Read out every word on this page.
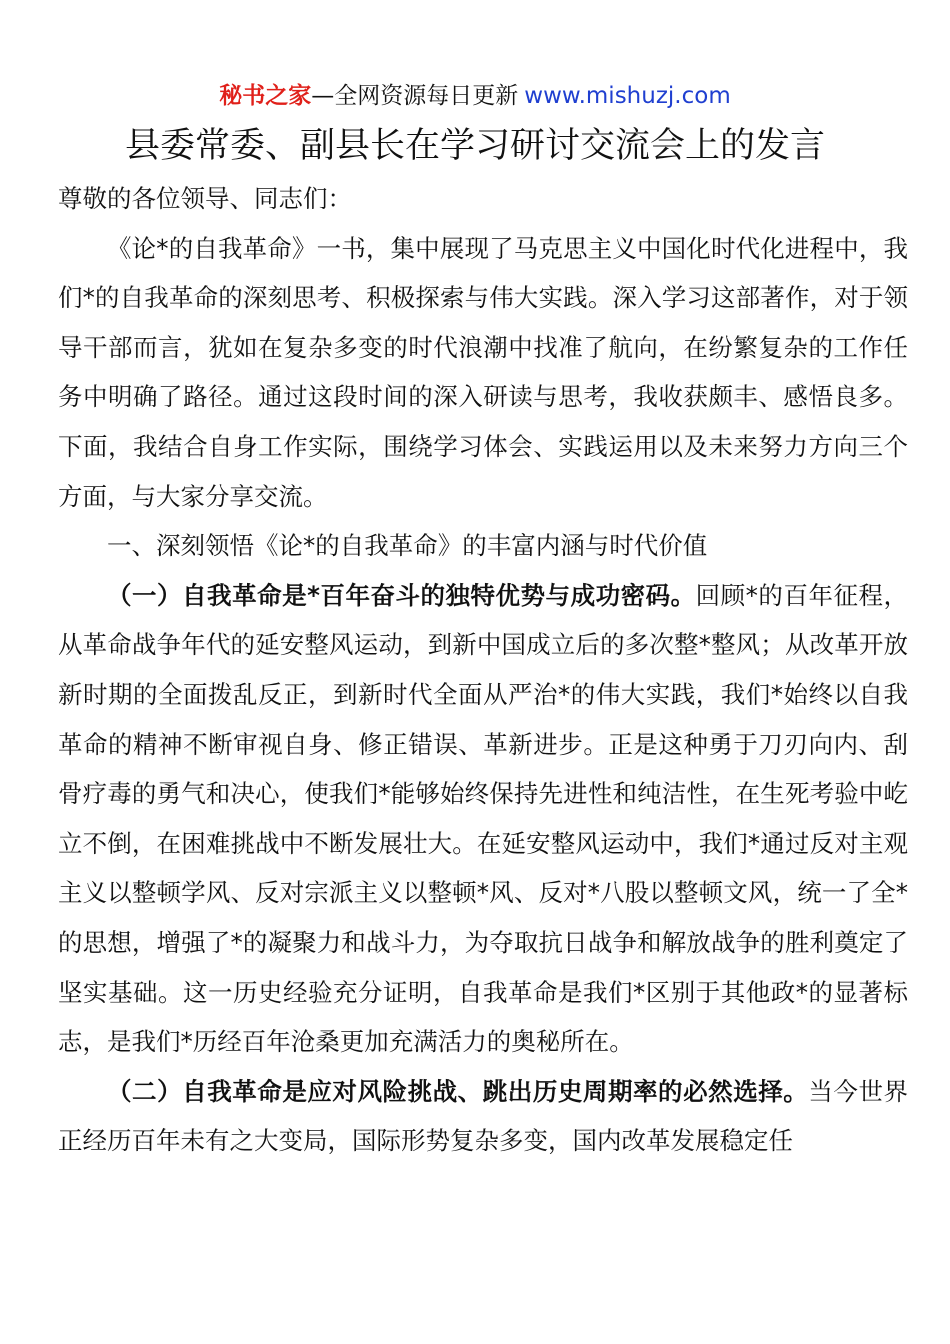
秘书之家—全网资源每日更新 www.mishuzj.com
县委常委、副县长在学习研讨交流会上的发言

尊敬的各位领导、同志们：

《论*的自我革命》一书，集中展现了马克思主义中国化时代化进程中，我们*的自我革命的深刻思考、积极探索与伟大实践。深入学习这部著作，对于领导干部而言，犹如在复杂多变的时代浪潮中找准了航向，在纷繁复杂的工作任务中明确了路径。通过这段时间的深入研读与思考，我收获颇丰、感悟良多。下面，我结合自身工作实际，围绕学习体会、实践运用以及未来努力方向三个方面，与大家分享交流。

一、深刻领悟《论*的自我革命》的丰富内涵与时代价值

（一）自我革命是*百年奋斗的独特优势与成功密码。回顾*的百年征程，从革命战争年代的延安整风运动，到新中国成立后的多次整*整风；从改革开放新时期的全面拨乱反正，到新时代全面从严治*的伟大实践，我们*始终以自我革命的精神不断审视自身、修正错误、革新进步。正是这种勇于刀刃向内、刮骨疗毒的勇气和决心，使我们*能够始终保持先进性和纯洁性，在生死考验中屹立不倒，在困难挑战中不断发展壮大。在延安整风运动中，我们*通过反对主观主义以整顿学风、反对宗派主义以整顿*风、反对*八股以整顿文风，统一了全*的思想，增强了*的凝聚力和战斗力，为夺取抗日战争和解放战争的胜利奠定了坚实基础。这一历史经验充分证明，自我革命是我们*区别于其他政*的显著标志，是我们*历经百年沧桑更加充满活力的奥秘所在。

（二）自我革命是应对风险挑战、跳出历史周期率的必然选择。当今世界正经历百年未有之大变局，国际形势复杂多变，国内改革发展稳定任
